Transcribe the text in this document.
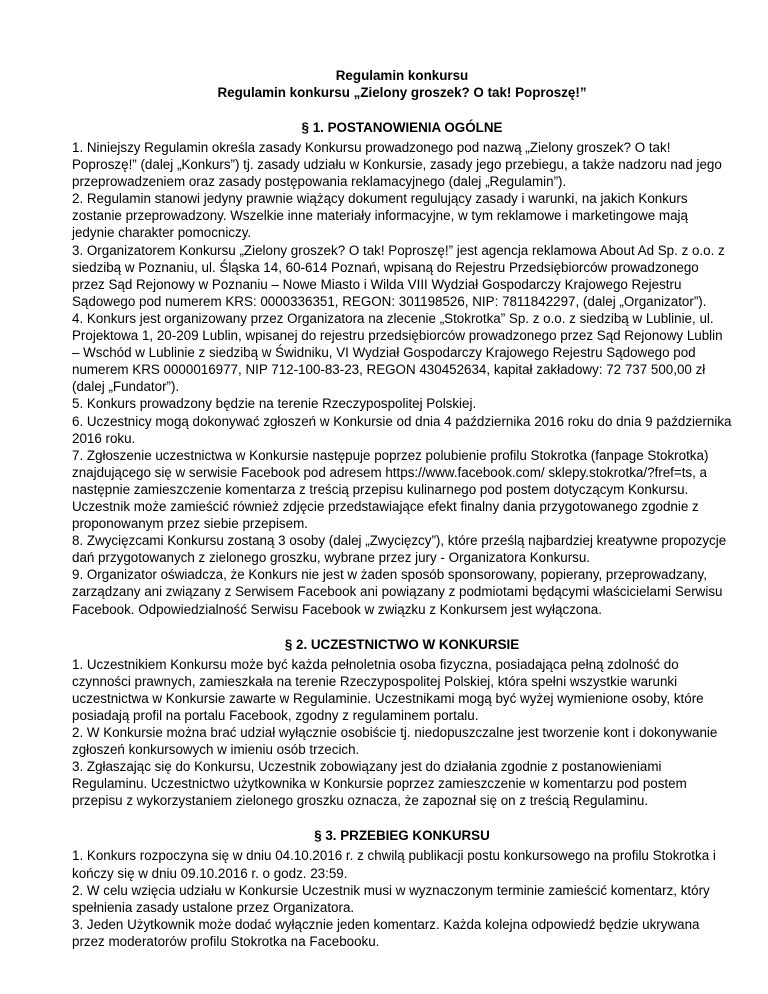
Regulamin konkursu

Regulamin konkursu „Zielony groszek? O tak! Poproszę!”

§ 1. POSTANOWIENIA OGÓLNE

1. Niniejszy Regulamin określa zasady Konkursu prowadzonego pod nazwą „Zielony groszek? O tak! Poproszę!” (dalej „Konkurs”) tj. zasady udziału w Konkursie, zasady jego przebiegu, a także nadzoru nad jego przeprowadzeniem oraz zasady postępowania reklamacyjnego (dalej „Regulamin”).

2. Regulamin stanowi jedyny prawnie wiążący dokument regulujący zasady i warunki, na jakich Konkurs zostanie przeprowadzony. Wszelkie inne materiały informacyjne, w tym reklamowe i marketingowe mają jedynie charakter pomocniczy.

3. Organizatorem Konkursu „Zielony groszek? O tak! Poproszę!” jest agencja reklamowa About Ad Sp. z o.o. z siedzibą w Poznaniu, ul. Śląska 14, 60-614 Poznań, wpisaną do Rejestru Przedsiębiorców prowadzonego przez Sąd Rejonowy w Poznaniu – Nowe Miasto i Wilda VIII Wydział Gospodarczy Krajowego Rejestru Sądowego pod numerem KRS: 0000336351, REGON: 301198526, NIP: 7811842297, (dalej „Organizator”).

4. Konkurs jest organizowany przez Organizatora na zlecenie „Stokrotka” Sp. z o.o. z siedzibą w Lublinie, ul. Projektowa 1, 20-209 Lublin, wpisanej do rejestru przedsiębiorców prowadzonego przez Sąd Rejonowy Lublin – Wschód w Lublinie z siedzibą w Świdniku, VI Wydział Gospodarczy Krajowego Rejestru Sądowego pod numerem KRS 0000016977, NIP 712-100-83-23, REGON 430452634, kapitał zakładowy: 72 737 500,00 zł (dalej „Fundator”).

5. Konkurs prowadzony będzie na terenie Rzeczypospolitej Polskiej.

6. Uczestnicy mogą dokonywać zgłoszeń w Konkursie od dnia 4 października 2016 roku do dnia 9 października 2016 roku.

7. Zgłoszenie uczestnictwa w Konkursie następuje poprzez polubienie profilu Stokrotka (fanpage Stokrotka) znajdującego się w serwisie Facebook pod adresem https://www.facebook.com/ sklepy.stokrotka/?fref=ts, a następnie zamieszczenie komentarza z treścią przepisu kulinarnego pod postem dotyczącym Konkursu. Uczestnik może zamieścić również zdjęcie przedstawiające efekt finalny dania przygotowanego zgodnie z proponowanym przez siebie przepisem.

8. Zwycięzcami Konkursu zostaną 3 osoby (dalej „Zwycięzcy”), które prześlą najbardziej kreatywne propozycje dań przygotowanych z zielonego groszku, wybrane przez jury - Organizatora Konkursu.

9. Organizator oświadcza, że Konkurs nie jest w żaden sposób sponsorowany, popierany, przeprowadzany, zarządzany ani związany z Serwisem Facebook ani powiązany z podmiotami będącymi właścicielami Serwisu Facebook. Odpowiedzialność Serwisu Facebook w związku z Konkursem jest wyłączona.

§ 2. UCZESTNICTWO W KONKURSIE

1. Uczestnikiem Konkursu może być każda pełnoletnia osoba fizyczna, posiadająca pełną zdolność do czynności prawnych, zamieszkała na terenie Rzeczypospolitej Polskiej, która spełni wszystkie warunki uczestnictwa w Konkursie zawarte w Regulaminie. Uczestnikami mogą być wyżej wymienione osoby, które posiadają profil na portalu Facebook, zgodny z regulaminem portalu.

2. W Konkursie można brać udział wyłącznie osobiście tj. niedopuszczalne jest tworzenie kont i dokonywanie zgłoszeń konkursowych w imieniu osób trzecich.

3. Zgłaszając się do Konkursu, Uczestnik zobowiązany jest do działania zgodnie z postanowieniami Regulaminu. Uczestnictwo użytkownika w Konkursie poprzez zamieszczenie w komentarzu pod postem przepisu z wykorzystaniem zielonego groszku oznacza, że zapoznał się on z treścią Regulaminu.

§ 3. PRZEBIEG KONKURSU

1. Konkurs rozpoczyna się w dniu 04.10.2016 r. z chwilą publikacji postu konkursowego na profilu Stokrotka i kończy się w dniu 09.10.2016 r. o godz. 23:59.

2. W celu wzięcia udziału w Konkursie Uczestnik musi w wyznaczonym terminie zamieścić komentarz, który spełnienia zasady ustalone przez Organizatora.

3. Jeden Użytkownik może dodać wyłącznie jeden komentarz. Każda kolejna odpowiedź będzie ukrywana przez moderatorów profilu Stokrotka na Facebooku.
